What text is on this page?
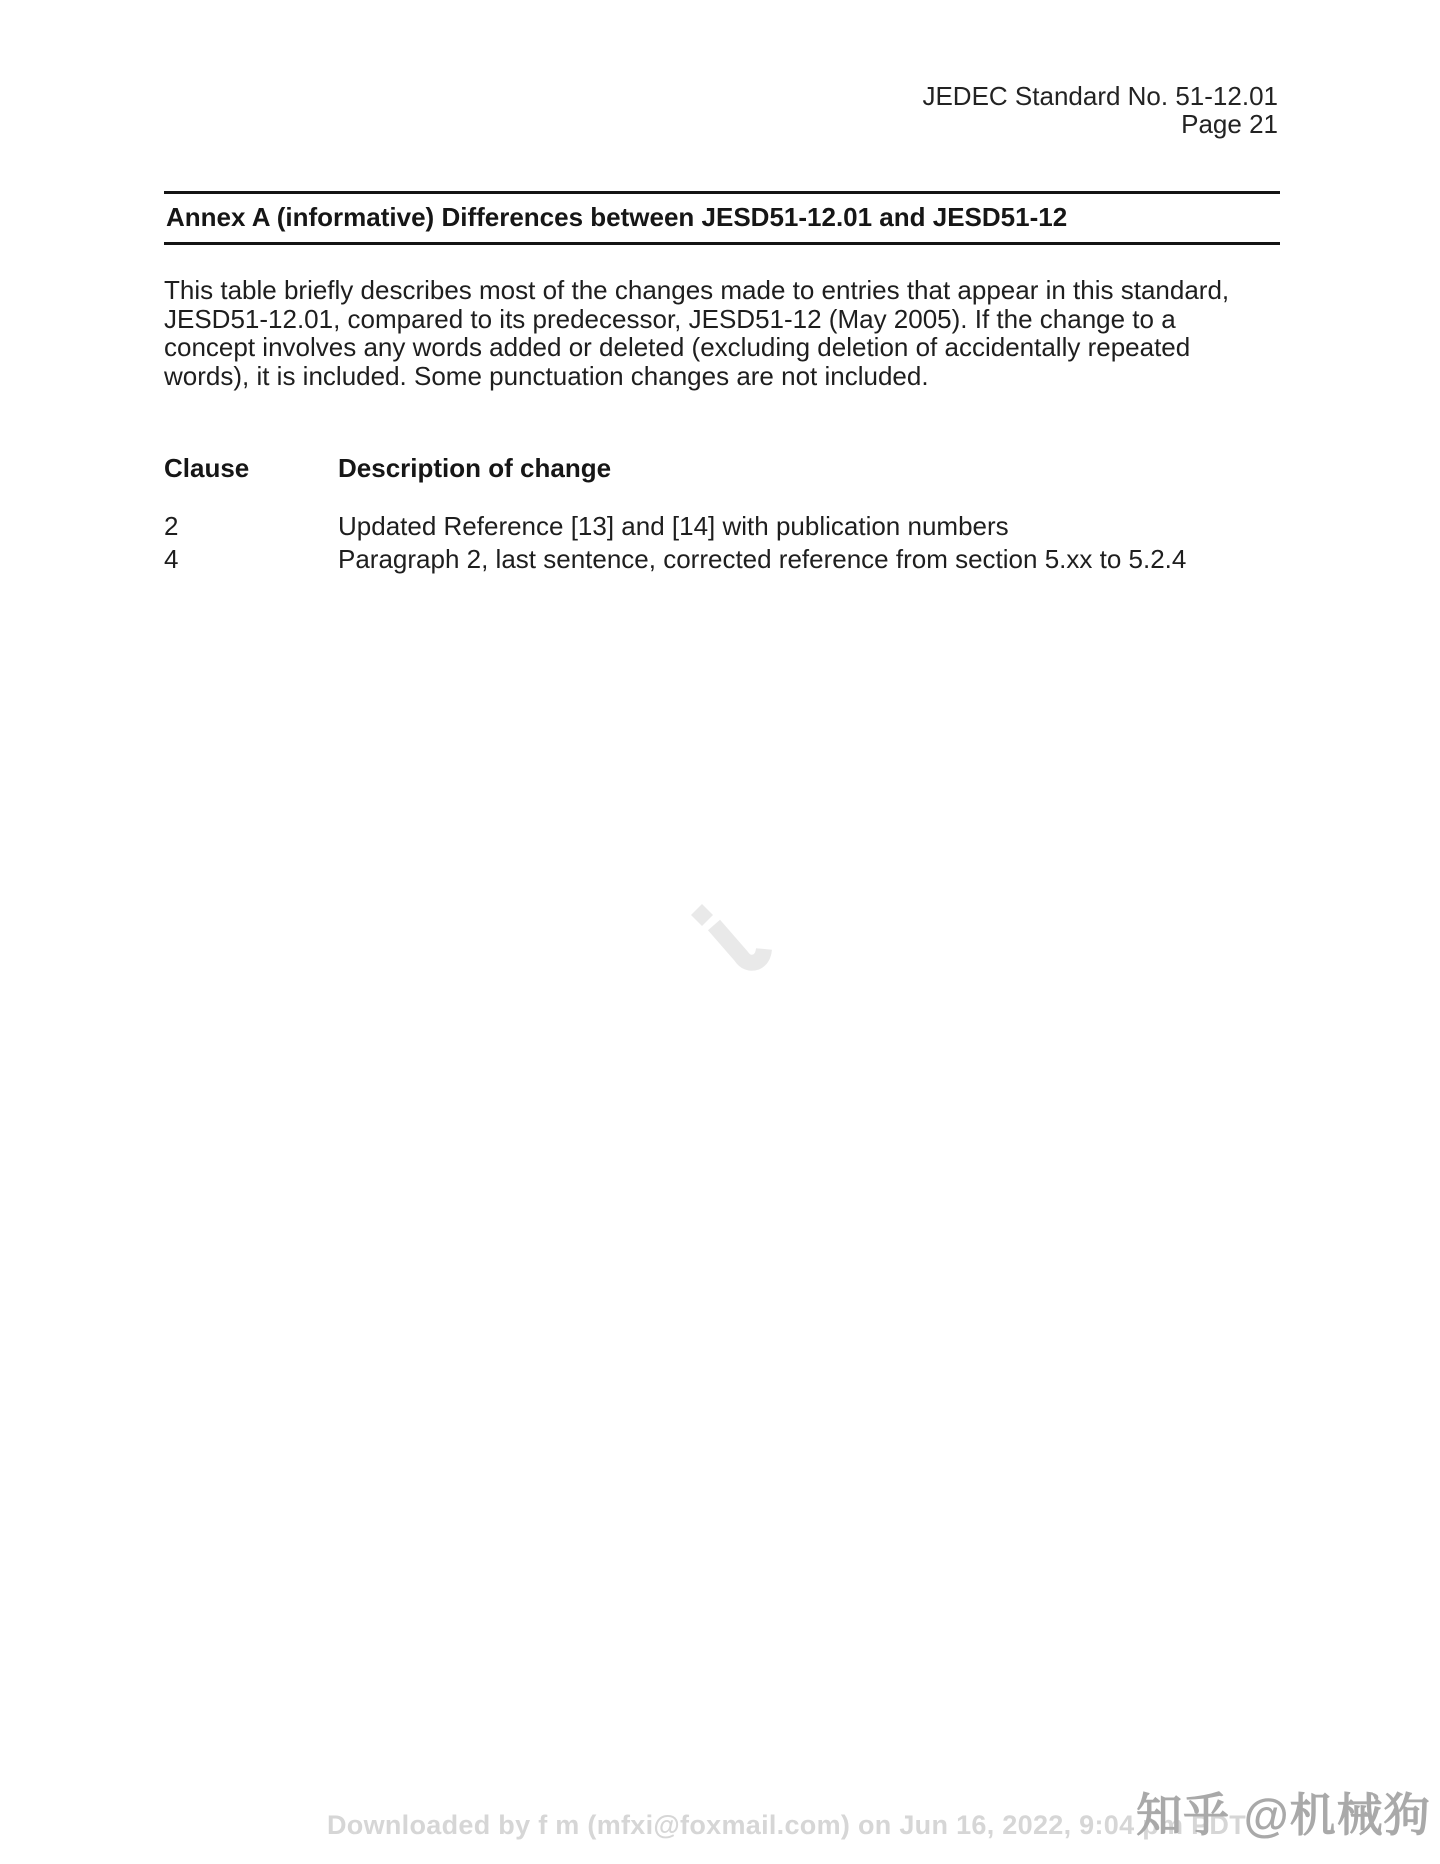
JEDEC Standard No. 51-12.01
Page 21
Annex A (informative) Differences between JESD51-12.01 and JESD51-12
This table briefly describes most of the changes made to entries that appear in this standard,
JESD51-12.01, compared to its predecessor, JESD51-12 (May 2005). If the change to a
concept involves any words added or deleted (excluding deletion of accidentally repeated
words), it is included. Some punctuation changes are not included.
Clause	Description of change
2	Updated Reference [13] and [14] with publication numbers
4	Paragraph 2, last sentence, corrected reference from section 5.xx to 5.2.4
Downloaded by f m (mfxi@foxmail.com) on Jun 16, 2022, 9:04 pm PDT
知乎 @机械狗
